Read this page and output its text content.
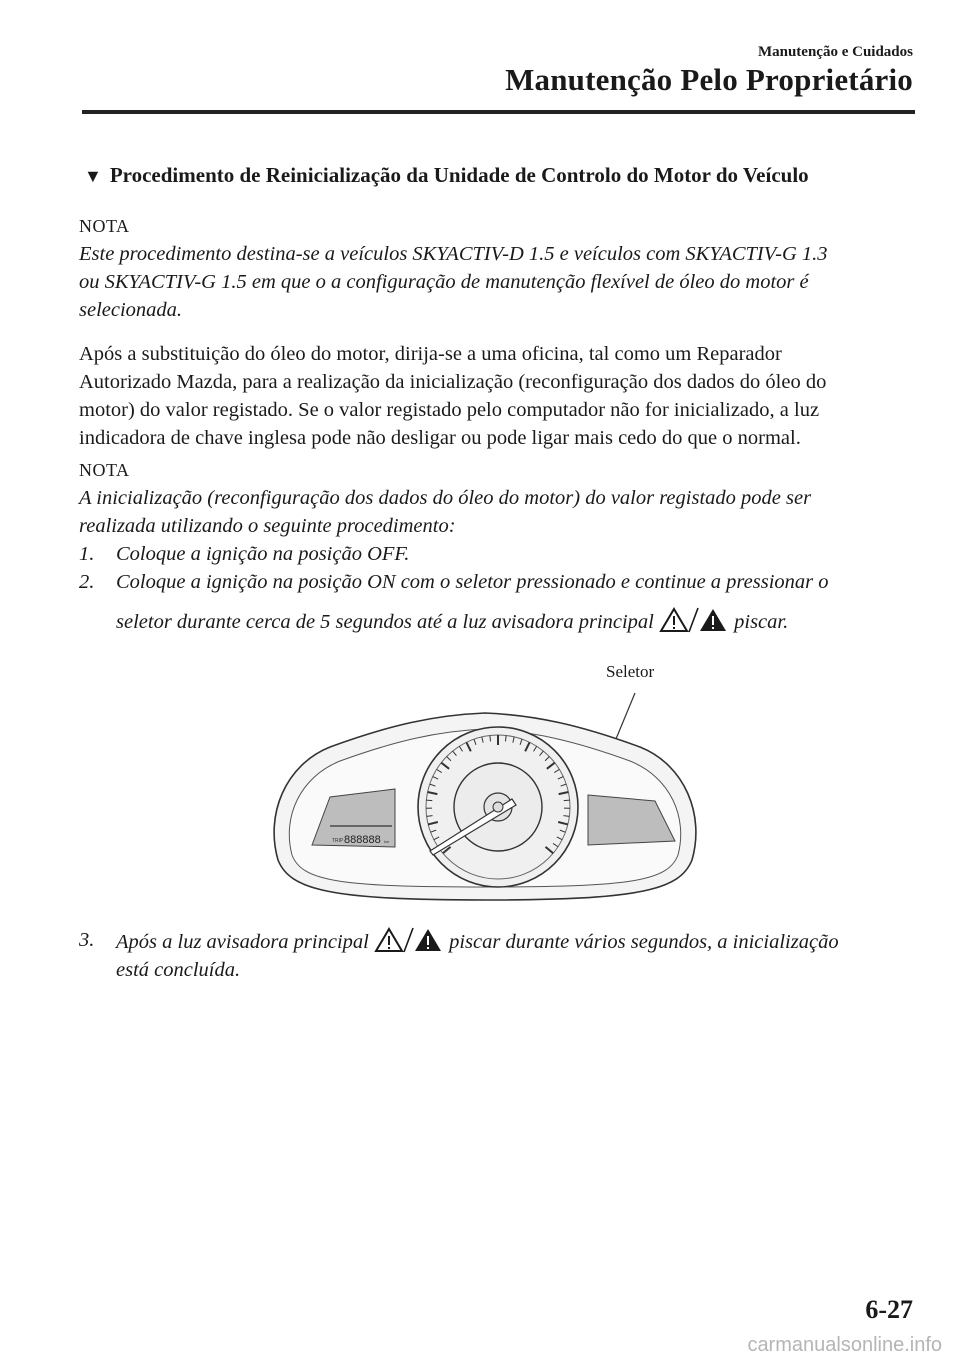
Manutenção e Cuidados
Manutenção Pelo Proprietário
▼ Procedimento de Reinicialização da Unidade de Controlo do Motor do Veículo
NOTA
Este procedimento destina-se a veículos SKYACTIV-D 1.5 e veículos com SKYACTIV-G 1.3
ou SKYACTIV-G 1.5 em que o a configuração de manutenção flexível de óleo do motor é
selecionada.
Após a substituição do óleo do motor, dirija-se a uma oficina, tal como um Reparador
Autorizado Mazda, para a realização da inicialização (reconfiguração dos dados do óleo do
motor) do valor registado. Se o valor registado pelo computador não for inicializado, a luz
indicadora de chave inglesa pode não desligar ou pode ligar mais cedo do que o normal.
NOTA
A inicialização (reconfiguração dos dados do óleo do motor) do valor registado pode ser
realizada utilizando o seguinte procedimento:
1.	Coloque a ignição na posição OFF.
2.	Coloque a ignição na posição ON com o seletor pressionado e continue a pressionar o
seletor durante cerca de 5 segundos até a luz avisadora principal	piscar.
Seletor
TRIP 888888 km
3.	Após a luz avisadora principal	piscar durante vários segundos, a inicialização
está concluída.
6-27
carmanualsonline.info
